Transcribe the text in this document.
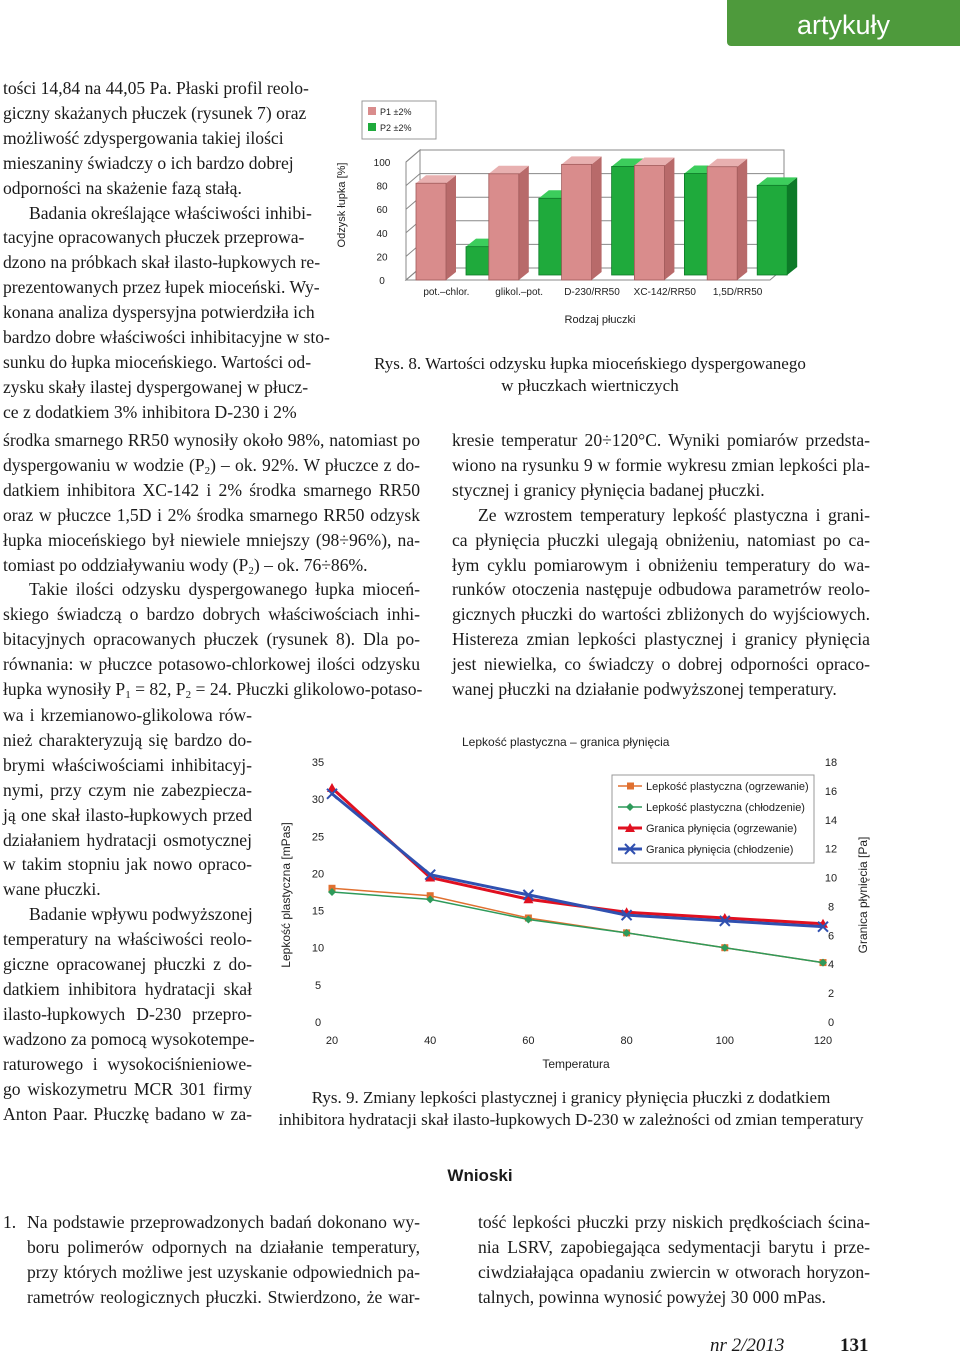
artykuły
tości 14,84 na 44,05 Pa. Płaski profil reolo-
giczny skażanych płuczek (rysunek 7) oraz
możliwość zdyspergowania takiej ilości
mieszaniny świadczy o ich bardzo dobrej
odporności na skażenie fazą stałą.
Badania określające właściwości inhibi-
tacyjne opracowanych płuczek przeprowa-
dzono na próbkach skał ilasto-łupkowych re-
prezentowanych przez łupek mioceński. Wy-
konana analiza dyspersyjna potwierdziła ich
bardzo dobre właściwości inhibitacyjne w sto-
sunku do łupka mioceńskiego. Wartości od-
zysku skały ilastej dyspergowanej w płucz-
ce z dodatkiem 3% inhibitora D-230 i 2%
środka smarnego RR50 wynosiły około 98%, natomiast po
dyspergowaniu w wodzie $(P_2)$ – ok. 92%. W płuczce z do-
datkiem inhibitora XC-142 i 2% środka smarnego RR50
oraz w płuczce 1,5D i 2% środka smarnego RR50 odzysk
łupka mioceńskiego był niewiele mniejszy (98÷96%), na-
tomiast po oddziaływaniu wody $(P_2)$ – ok. 76÷86%.
Takie ilości odzysku dyspergowanego łupka mioceń-
skiego świadczą o bardzo dobrych właściwościach inhi-
bitacyjnych opracowanych płuczek (rysunek 8). Dla po-
równania: w płuczce potasowo-chlorkowej ilości odzysku
łupka wynosiły $P_1 = 82$, $P_2 = 24$. Płuczki glikolowo-potaso-
wa i krzemianowo-glikolowa rów-
nież charakteryzują się bardzo do-
brymi właściwościami inhibitacyj-
nymi, przy czym nie zabezpiecza-
ją one skał ilasto-łupkowych przed
działaniem hydratacji osmotycznej
w takim stopniu jak nowo opraco-
wane płuczki.
Badanie wpływu podwyższonej
temperatury na właściwości reolo-
giczne opracowanej płuczki z do-
datkiem inhibitora hydratacji skał
ilasto-łupkowych D-230 przepro-
wadzono za pomocą wysokotempe-
raturowego i wysokociśnieniowe-
go wiskozymetru MCR 301 firmy
Anton Paar. Płuczkę badano w za-
kresie temperatur 20÷120°C. Wyniki pomiarów przedsta-
wiono na rysunku 9 w formie wykresu zmian lepkości pla-
stycznej i granicy płynięcia badanej płuczki.
Ze wzrostem temperatury lepkość plastyczna i grani-
ca płynięcia płuczki ulegają obniżeniu, natomiast po ca-
łym cyklu pomiarowym i obniżeniu temperatury do wa-
runków otoczenia następuje odbudowa parametrów reolo-
gicznych płuczki do wartości zbliżonych do wyjściowych.
Histereza zmian lepkości plastycznej i granicy płynięcia
jest niewielka, co świadczy o dobrej odporności opraco-
wanej płuczki na działanie podwyższonej temperatury.
0
20
40
60
80
100
pot.–chlor.	glikol.–pot. D-230/RR50 XC-142/RR50 1,5D/RR50
Rodzaj płuczki
Odzysk łupka [%]
P1 ±2%
P2 ±2%
Rys. 8. Wartości odzysku łupka mioceńskiego dyspergowanego
w płuczkach wiertniczych
Lepkość plastyczna – granica płynięcia
0
5
10
15
20
25
30
35
0
2
4
6
8
10
12
14
16
18
20	40	60	80	100	120
Temperatura
Lepkość plastyczna [mPas]	Granica płynięcia [Pa]
Lepkość plastyczna (ogrzewanie)
Lepkość plastyczna (chłodzenie)
Granica płynięcia (ogrzewanie)
Granica płynięcia (chłodzenie)
Rys. 9. Zmiany lepkości plastycznej i granicy płynięcia płuczki z dodatkiem
inhibitora hydratacji skał ilasto-łupkowych D-230 w zależności od zmian temperatury
Wnioski
1. Na podstawie przeprowadzonych badań dokonano wy-
boru polimerów odpornych na działanie temperatury,
przy których możliwe jest uzyskanie odpowiednich pa-
rametrów reologicznych płuczki. Stwierdzono, że war-
tość lepkości płuczki przy niskich prędkościach ścina-
nia LSRV, zapobiegająca sedymentacji barytu i prze-
ciwdziałająca opadaniu zwiercin w otworach horyzon-
talnych, powinna wynosić powyżej 30 000 mPas.
nr 2/2013	131
